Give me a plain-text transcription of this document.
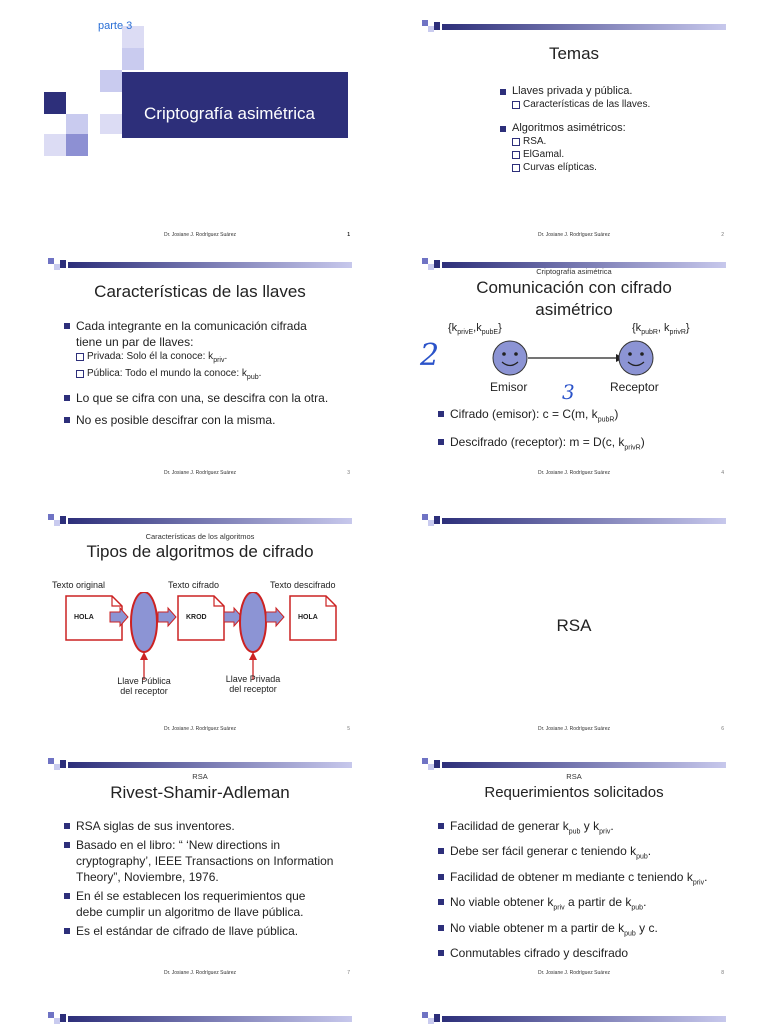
parte 3
Criptografía asimétrica
Dr. Josiane J. Rodríguez Suárez	1
Temas
Llaves privada y pública.
Características de las llaves.
Algoritmos asimétricos:
RSA.
ElGamal.
Curvas elípticas.
Dr. Josiane J. Rodríguez Suárez	2
Características de las llaves
Cada integrante en la comunicación cifrada tiene un par de llaves:
Privada: Solo él la conoce: $k_{priv}$.
Pública: Todo el mundo la conoce: $k_{pub}$.
Lo que se cifra con una, se descifra con la otra.
No es posible descifrar con la misma.
Dr. Josiane J. Rodríguez Suárez	3
Criptografía asimétrica
Comunicación con cifrado
asimétrico
$\{k_{privE},k_{pubE}\}$	{$k_{pubR}$, $k_{privR}$}
2
3
Emisor	Receptor
Cifrado (emisor): c = C(m, $k_{pubR}$)
Descifrado (receptor): m = D(c, $k_{privR}$)
Dr. Josiane J. Rodríguez Suárez	4
Características de los algoritmos
Tipos de algoritmos de cifrado
Texto original	Texto cifrado	Texto descifrado
HOLA	KROD	HOLA
Llave Pública
del receptor
Llave Privada
del receptor
Dr. Josiane J. Rodríguez Suárez	5
RSA
Dr. Josiane J. Rodríguez Suárez	6
RSA
Rivest-Shamir-Adleman
RSA siglas de sus inventores.
Basado en el libro: “ ‘New directions in cryptography’, IEEE Transactions on Information Theory”, Noviembre, 1976.
En él se establecen los requerimientos que debe cumplir un algoritmo de llave pública.
Es el estándar de cifrado de llave pública.
Dr. Josiane J. Rodríguez Suárez	7
RSA
Requerimientos solicitados
Facilidad de generar $k_{pub}$ y $k_{priv}$.
Debe ser fácil generar c teniendo $k_{pub}$.
Facilidad de obtener m mediante c teniendo $k_{priv}$.
No viable obtener $k_{priv}$ a partir de $k_{pub}$.
No viable obtener m a partir de $k_{pub}$ y c.
Conmutables cifrado y descifrado
Dr. Josiane J. Rodríguez Suárez	8
